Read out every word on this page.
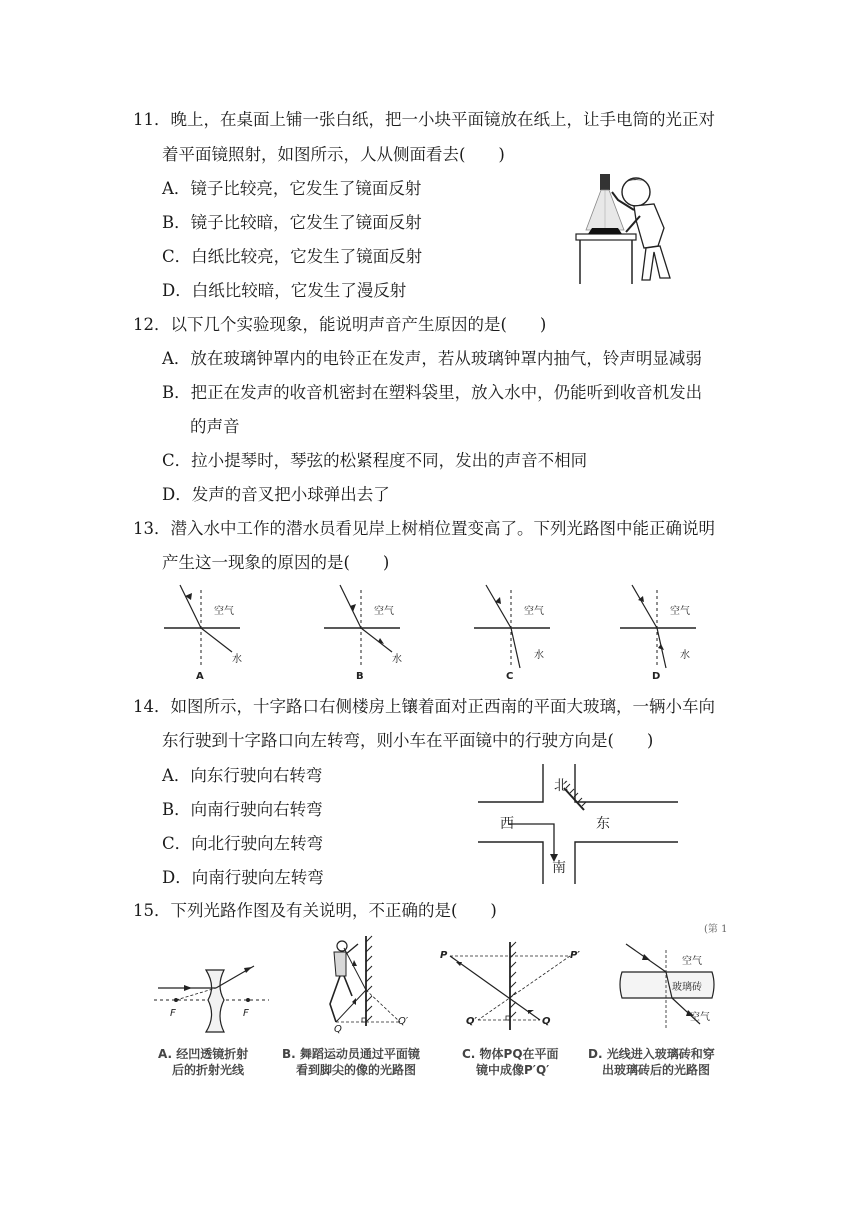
11．晚上，在桌面上铺一张白纸，把一小块平面镜放在纸上，让手电筒的光正对
着平面镜照射，如图所示，人从侧面看去(　　)
A．镜子比较亮，它发生了镜面反射
B．镜子比较暗，它发生了镜面反射
C．白纸比较亮，它发生了镜面反射
D．白纸比较暗，它发生了漫反射
12．以下几个实验现象，能说明声音产生原因的是(　　)
A．放在玻璃钟罩内的电铃正在发声，若从玻璃钟罩内抽气，铃声明显减弱
B．把正在发声的收音机密封在塑料袋里，放入水中，仍能听到收音机发出
的声音
C．拉小提琴时，琴弦的松紧程度不同，发出的声音不相同
D．发声的音叉把小球弹出去了
13．潜入水中工作的潜水员看见岸上树梢位置变高了。下列光路图中能正确说明
产生这一现象的原因的是(　　)
空气
水
A
空气
水
B
空气
水
C
空气
水
D
14．如图所示，十字路口右侧楼房上镶着面对正西南的平面大玻璃，一辆小车向
东行驶到十字路口向左转弯，则小车在平面镜中的行驶方向是(　　)
A．向东行驶向右转弯
B．向南行驶向右转弯
C．向北行驶向左转弯
D．向南行驶向左转弯
北
西	东
南
15．下列光路作图及有关说明，不正确的是(　　)
(第 1
F	F
Q
Q′
P	P′
Q′	Q
空气
玻璃砖
空气
A. 经凹透镜折射
后的折射光线
B. 舞蹈运动员通过平面镜
看到脚尖的像的光路图
C. 物体PQ在平面
镜中成像P′Q′
D. 光线进入玻璃砖和穿
出玻璃砖后的光路图
